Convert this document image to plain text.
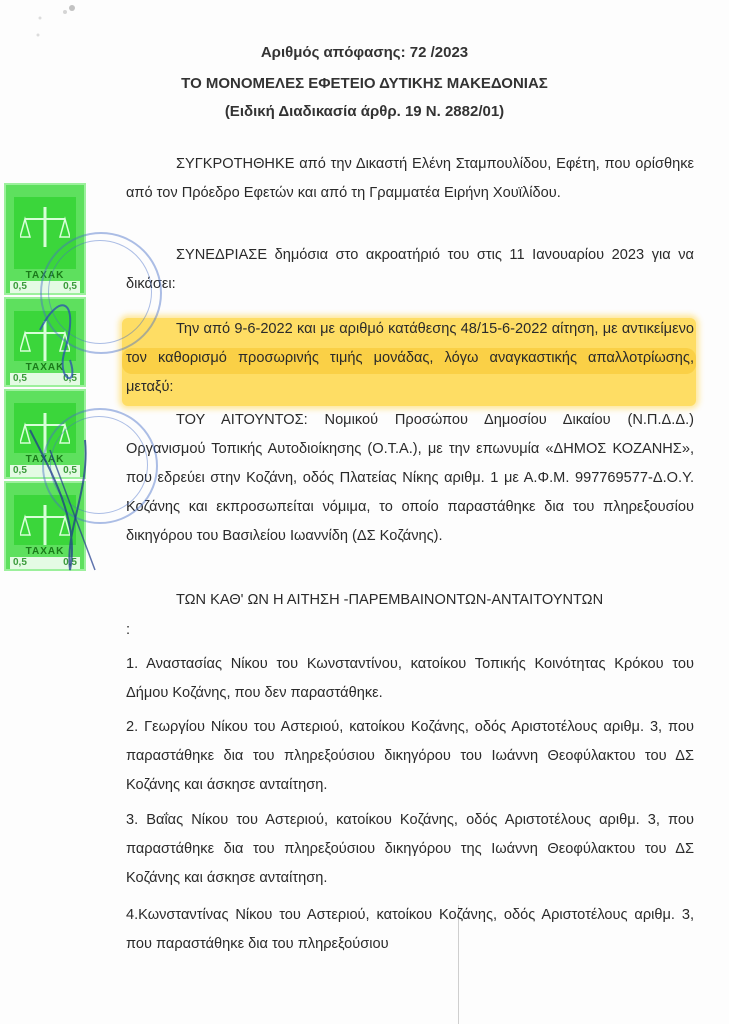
Αριθμός απόφασης: 72 /2023
ΤΟ ΜΟΝΟΜΕΛΕΣ ΕΦΕΤΕΙΟ ΔΥΤΙΚΗΣ ΜΑΚΕΔΟΝΙΑΣ
(Ειδική Διαδικασία άρθρ. 19 Ν. 2882/01)
ΣΥΓΚΡΟΤΗΘΗΚΕ από την Δικαστή Ελένη Σταμπουλίδου, Εφέτη, που ορίσθηκε από τον Πρόεδρο Εφετών και από τη Γραμματέα Ειρήνη Χουϊλίδου.
ΣΥΝΕΔΡΙΑΣΕ δημόσια στο ακροατήριό του στις 11 Ιανουαρίου 2023 για να δικάσει:
Την από 9-6-2022 και με αριθμό κατάθεσης 48/15-6-2022 αίτηση, με αντικείμενο τον καθορισμό προσωρινής τιμής μονάδας, λόγω αναγκαστικής απαλλοτρίωσης, μεταξύ:
ΤΟΥ ΑΙΤΟΥΝΤΟΣ: Νομικού Προσώπου Δημοσίου Δικαίου (Ν.Π.Δ.Δ.) Οργανισμού Τοπικής Αυτοδιοίκησης (Ο.Τ.Α.), με την επωνυμία «ΔΗΜΟΣ ΚΟΖΑΝΗΣ», που εδρεύει στην Κοζάνη, οδός Πλατείας Νίκης αριθμ. 1 με Α.Φ.Μ. 997769577-Δ.Ο.Υ. Κοζάνης και εκπροσωπείται νόμιμα, το οποίο παραστάθηκε δια του πληρεξουσίου δικηγόρου του Βασιλείου Ιωαννίδη (ΔΣ Κοζάνης).
ΤΩΝ ΚΑΘ' ΩΝ Η ΑΙΤΗΣΗ -ΠΑΡΕΜΒΑΙΝΟΝΤΩΝ-ΑΝΤΑΙΤΟΥΝΤΩΝ
:
1. Αναστασίας Νίκου του Κωνσταντίνου, κατοίκου Τοπικής Κοινότητας Κρόκου του Δήμου Κοζάνης, που δεν παραστάθηκε.
2. Γεωργίου Νίκου του Αστεριού, κατοίκου Κοζάνης, οδός Αριστοτέλους αριθμ. 3, που παραστάθηκε δια του πληρεξούσιου δικηγόρου του Ιωάννη Θεοφύλακτου του ΔΣ Κοζάνης και άσκησε ανταίτηση.
3. Βαΐας Νίκου του Αστεριού, κατοίκου Κοζάνης, οδός Αριστοτέλους αριθμ. 3, που παραστάθηκε δια του πληρεξούσιου δικηγόρου της Ιωάννη Θεοφύλακτου του ΔΣ Κοζάνης και άσκησε ανταίτηση.
4.Κωνσταντίνας Νίκου του Αστεριού, κατοίκου Κοζάνης, οδός Αριστοτέλους αριθμ. 3, που παραστάθηκε δια του πληρεξούσιου
ΤΑΧΑΚ
0,5	0,5
ΤΑΧΑΚ
0,5	0,5
ΤΑΧΑΚ
0,5	0,5
ΤΑΧΑΚ
0,5	0,5
